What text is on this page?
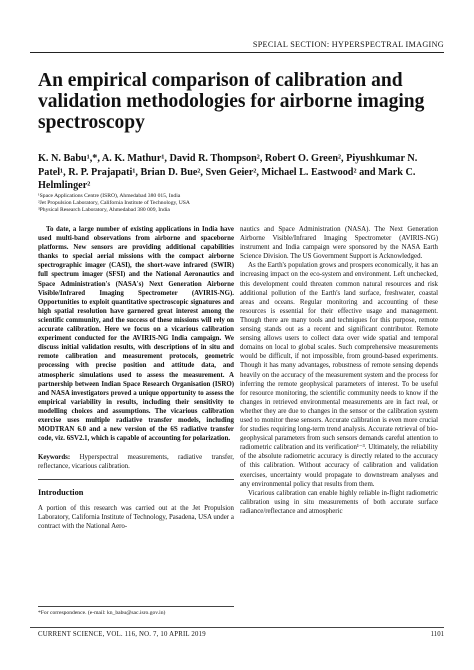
SPECIAL SECTION: HYPERSPECTRAL IMAGING
An empirical comparison of calibration and validation methodologies for airborne imaging spectroscopy
K. N. Babu¹,*, A. K. Mathur¹, David R. Thompson², Robert O. Green², Piyushkumar N. Patel¹, R. P. Prajapati¹, Brian D. Bue², Sven Geier², Michael L. Eastwood² and Mark C. Helmlinger²
¹Space Applications Centre (ISRO), Ahmedabad 380 015, India
²Jet Propulsion Laboratory, California Institute of Technology, USA
³Physical Research Laboratory, Ahmedabad 380 009, India

To date, a large number of existing applications in India have used multi-band observations from airborne and spaceborne platforms. New sensors are providing additional capabilities thanks to special aerial missions with the compact airborne spectrographic imager (CASI), the short-wave infrared (SWIR) full spectrum imager (SFSI) and the National Aeronautics and Space Administration's (NASA's) Next Generation Airborne Visible/Infrared Imaging Spectrometer (AVIRIS-NG). Opportunities to exploit quantitative spectroscopic signatures and high spatial resolution have garnered great interest among the scientific community, and the success of these missions will rely on accurate calibration. Here we focus on a vicarious calibration experiment conducted for the AVIRIS-NG India campaign. We discuss initial validation results, with descriptions of in situ and remote calibration and measurement protocols, geometric processing with precise position and attitude data, and atmospheric simulations used to assess the measurement. A partnership between Indian Space Research Organisation (ISRO) and NASA investigators proved a unique opportunity to assess the empirical variability in results, including their sensitivity to modelling choices and assumptions. The vicarious calibration exercise uses multiple radiative transfer models, including MODTRAN 6.0 and a new version of the 6S radiative transfer code, viz. 6SV2.1, which is capable of accounting for polarization.

Keywords: Hyperspectral measurements, radiative transfer, reflectance, vicarious calibration.

Introduction

A portion of this research was carried out at the Jet Propulsion Laboratory, California Institute of Technology, Pasadena, USA under a contract with the National Aero-

nautics and Space Administration (NASA). The Next Generation Airborne Visible/Infrared Imaging Spectrometer (AVIRIS-NG) instrument and India campaign were sponsored by the NASA Earth Science Division. The US Government Support is Acknowledged.

As the Earth's population grows and prospers economically, it has an increasing impact on the eco-system and environment. Left unchecked, this development could threaten common natural resources and risk additional pollution of the Earth's land surface, freshwater, coastal areas and oceans. Regular monitoring and accounting of these resources is essential for their effective usage and management. Though there are many tools and techniques for this purpose, remote sensing stands out as a recent and significant contributor. Remote sensing allows users to collect data over wide spatial and temporal domains on local to global scales. Such comprehensive measurements would be difficult, if not impossible, from ground-based experiments. Though it has many advantages, robustness of remote sensing depends heavily on the accuracy of the measurement system and the process for inferring the remote geophysical parameters of interest. To be useful for resource monitoring, the scientific community needs to know if the changes in retrieved environmental measurements are in fact real, or whether they are due to changes in the sensor or the calibration system used to monitor these sensors. Accurate calibration is even more crucial for studies requiring long-term trend analysis. Accurate retrieval of bio-geophysical parameters from such sensors demands careful attention to radiometric calibration and its verification¹⁻³. Ultimately, the reliability of the absolute radiometric accuracy is directly related to the accuracy of this calibration. Without accuracy of calibration and validation exercises, uncertainty would propagate to downstream analyses and any environmental policy that results from them.

Vicarious calibration can enable highly reliable in-flight radiometric calibration using in situ measurements of both accurate surface radiance/reflectance and atmospheric

*For correspondence. (e-mail: kn_babu@sac.isro.gov.in)
CURRENT SCIENCE, VOL. 116, NO. 7, 10 APRIL 2019	1101
